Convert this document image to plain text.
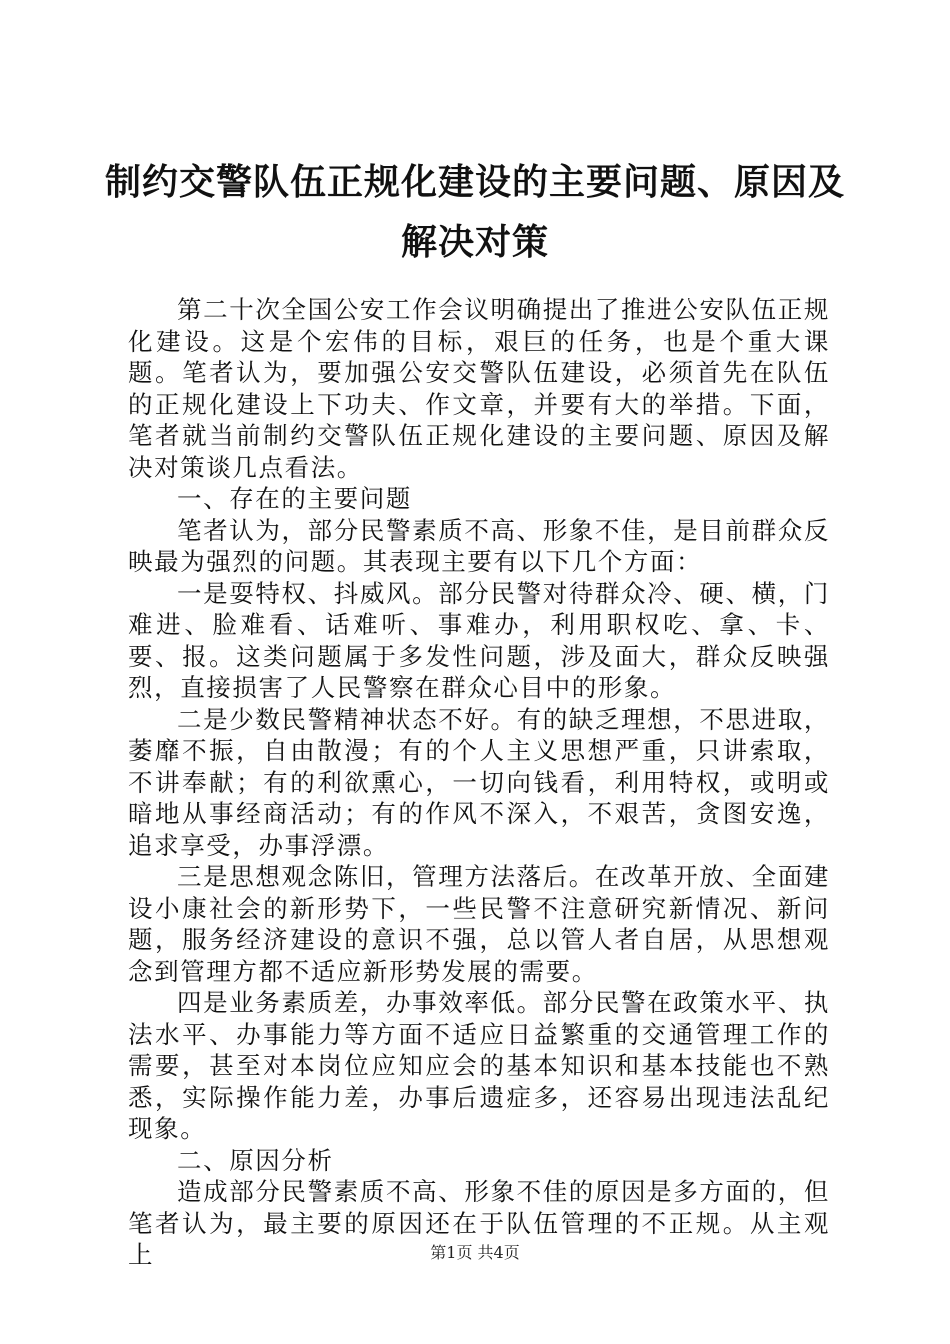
制约交警队伍正规化建设的主要问题、原因及
解决对策

第二十次全国公安工作会议明确提出了推进公安队伍正规化建设。这是个宏伟的目标，艰巨的任务，也是个重大课题。笔者认为，要加强公安交警队伍建设，必须首先在队伍的正规化建设上下功夫、作文章，并要有大的举措。下面，笔者就当前制约交警队伍正规化建设的主要问题、原因及解决对策谈几点看法。

一、存在的主要问题

笔者认为，部分民警素质不高、形象不佳，是目前群众反映最为强烈的问题。其表现主要有以下几个方面：

一是耍特权、抖威风。部分民警对待群众冷、硬、横，门难进、脸难看、话难听、事难办，利用职权吃、拿、卡、要、报。这类问题属于多发性问题，涉及面大，群众反映强烈，直接损害了人民警察在群众心目中的形象。

二是少数民警精神状态不好。有的缺乏理想，不思进取，萎靡不振，自由散漫；有的个人主义思想严重，只讲索取，不讲奉献；有的利欲熏心，一切向钱看，利用特权，或明或暗地从事经商活动；有的作风不深入，不艰苦，贪图安逸，追求享受，办事浮漂。

三是思想观念陈旧，管理方法落后。在改革开放、全面建设小康社会的新形势下，一些民警不注意研究新情况、新问题，服务经济建设的意识不强，总以管人者自居，从思想观念到管理方都不适应新形势发展的需要。

四是业务素质差，办事效率低。部分民警在政策水平、执法水平、办事能力等方面不适应日益繁重的交通管理工作的需要，甚至对本岗位应知应会的基本知识和基本技能也不熟悉，实际操作能力差，办事后遗症多，还容易出现违法乱纪现象。

二、原因分析

造成部分民警素质不高、形象不佳的原因是多方面的，但笔者认为，最主要的原因还在于队伍管理的不正规。从主观上	第1页 共4页
